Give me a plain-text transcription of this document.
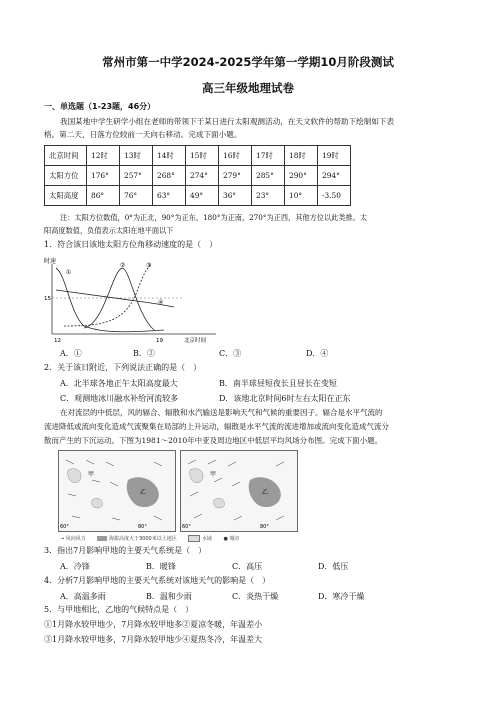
常州市第一中学2024-2025学年第一学期10月阶段测试
高三年级地理试卷
一、单选题（1-23题，46分）
我国某地中学生研学小组在老师的带领下于某日进行太阳观测活动，在天文软件的帮助下绘制如下表
格。第二天，日落方位较前一天向右移动。完成下面小题。
北京时间	12时	13时	14时	15时	16时	17时	18时	19时
太阳方位	176°	257°	268°	274°	279°	285°	290°	294°
太阳高度	86°	76°	63°	49°	36°	23°	10°	-3.50
注：太阳方位数值，0°为正北，90°为正东，180°为正南，270°为正西，其他方位以此类推。太
阳高度数值，负值表示太阳在地平面以下
1．符合该日该地太阳方位角移动速度的是（　）
时速
15
12	19	北京时间
①
②	③
④
A．①	B．②	C．③	D．④
2．关于该日附近，下列说法正确的是（　）
A．北半球各地正午太阳高度最大	B．南半球昼短夜长且昼长在变短
C．观测地冰川融水补给河流较多	D．该地北京时间6时左右太阳在正东
在对流层的中低层，风的辐合、辐散和水汽输送是影响天气和气候的重要因子。辐合是水平气流的
流进降低或流向变化造成气流聚集在局部的上升运动，辐散是水平气流的流进增加或流向变化造成气流分
散而产生的下沉运动。下图为1981～2010年中亚及周边地区中低层平均风场分布图。完成下面小题。
甲
乙
60°	80°
甲
乙
60°	80°
→ 风向风力	海拔高度大于3000米以上地区	水域 ● 城市
3．指出7月影响甲地的主要天气系统是（　）
A．冷锋	B．暖锋	C．高压	D．低压
4．分析7月影响甲地的主要天气系统对该地天气的影响是（　）
A．高温多雨	B．温和少雨	C．炎热干燥	D．寒冷干燥
5．与甲地相比，乙地的气候特点是（　）
①1月降水较甲地少，7月降水较甲地多②夏凉冬暖，年温差小
③1月降水较甲地多，7月降水较甲地少④夏热冬冷，年温差大
